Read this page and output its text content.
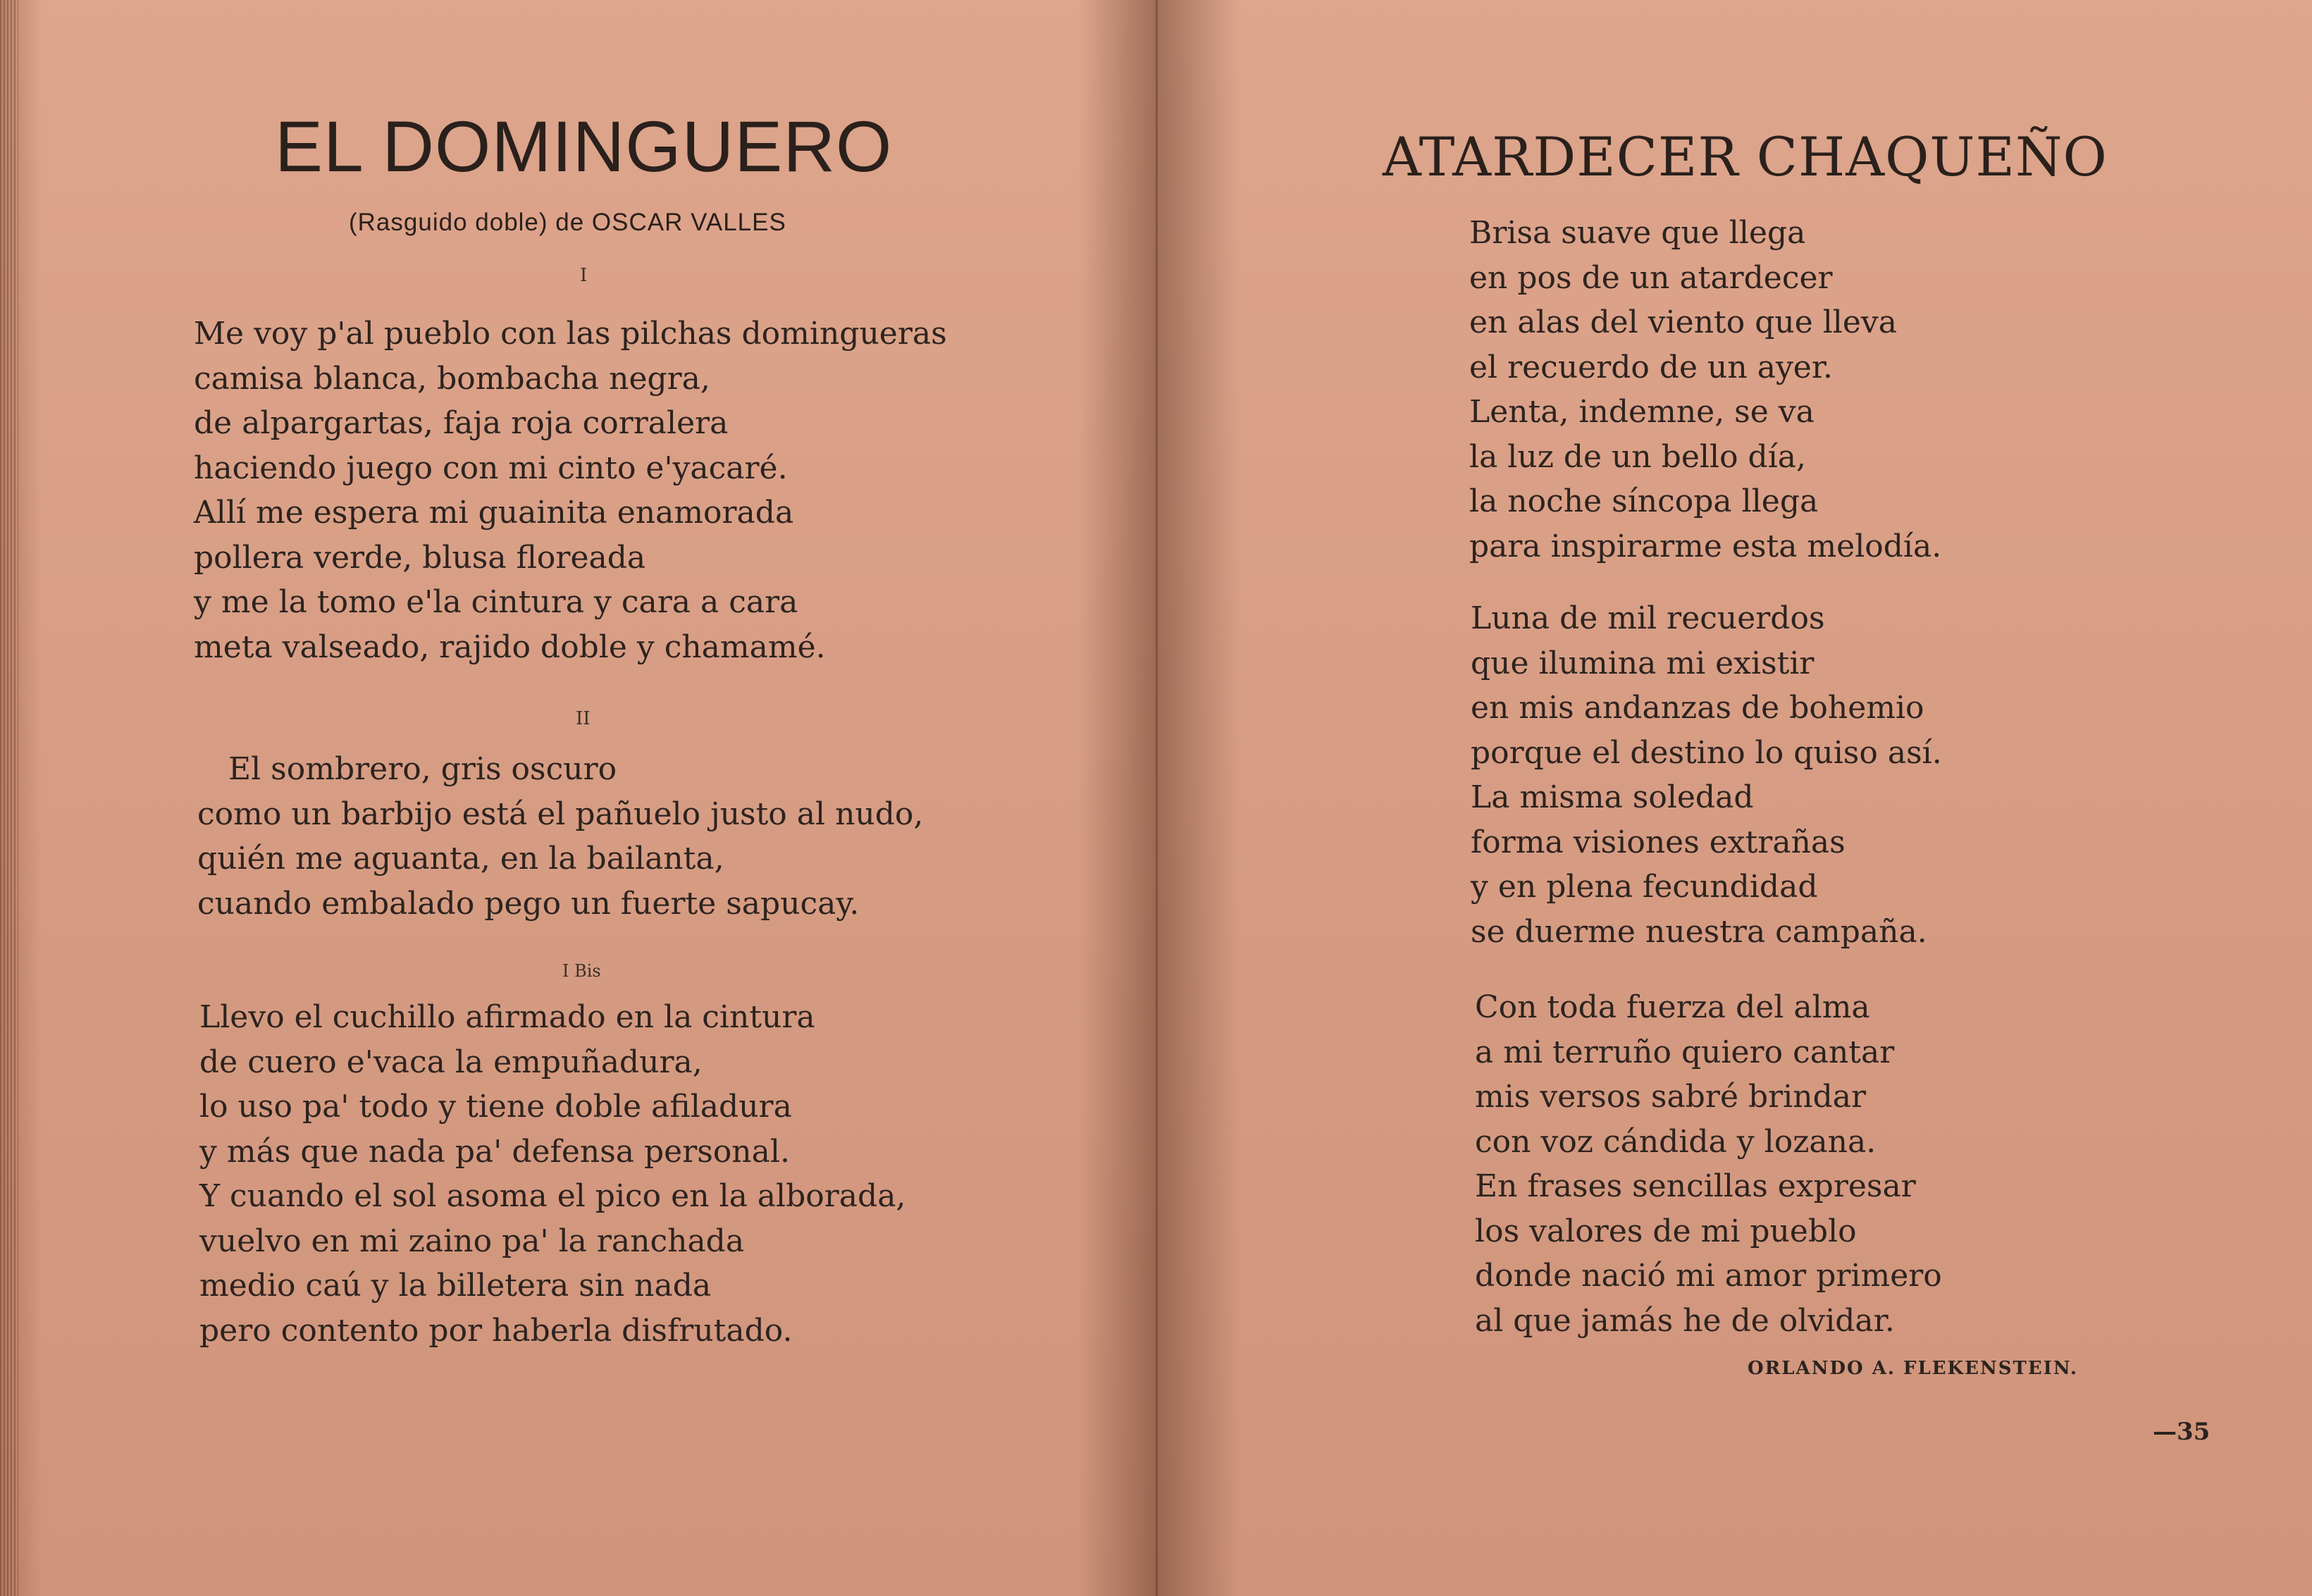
EL DOMINGUERO
(Rasguido doble) de OSCAR VALLES
I
Me voy p'al pueblo con las pilchas domingueras
camisa blanca, bombacha negra,
de alpargartas, faja roja corralera
haciendo juego con mi cinto e'yacaré.
Allí me espera mi guainita enamorada
pollera verde, blusa floreada
y me la tomo e'la cintura y cara a cara
meta valseado, rajido doble y chamamé.
II
El sombrero, gris oscuro
como un barbijo está el pañuelo justo al nudo,
quién me aguanta, en la bailanta,
cuando embalado pego un fuerte sapucay.
I Bis
Llevo el cuchillo afirmado en la cintura
de cuero e'vaca la empuñadura,
lo uso pa' todo y tiene doble afiladura
y más que nada pa' defensa personal.
Y cuando el sol asoma el pico en la alborada,
vuelvo en mi zaino pa' la ranchada
medio caú y la billetera sin nada
pero contento por haberla disfrutado.
ATARDECER CHAQUEÑO
Brisa suave que llega
en pos de un atardecer
en alas del viento que lleva
el recuerdo de un ayer.
Lenta, indemne, se va
la luz de un bello día,
la noche síncopa llega
para inspirarme esta melodía.
Luna de mil recuerdos
que ilumina mi existir
en mis andanzas de bohemio
porque el destino lo quiso así.
La misma soledad
forma visiones extrañas
y en plena fecundidad
se duerme nuestra campaña.
Con toda fuerza del alma
a mi terruño quiero cantar
mis versos sabré brindar
con voz cándida y lozana.
En frases sencillas expresar
los valores de mi pueblo
donde nació mi amor primero
al que jamás he de olvidar.
ORLANDO A. FLEKENSTEIN.
—35
